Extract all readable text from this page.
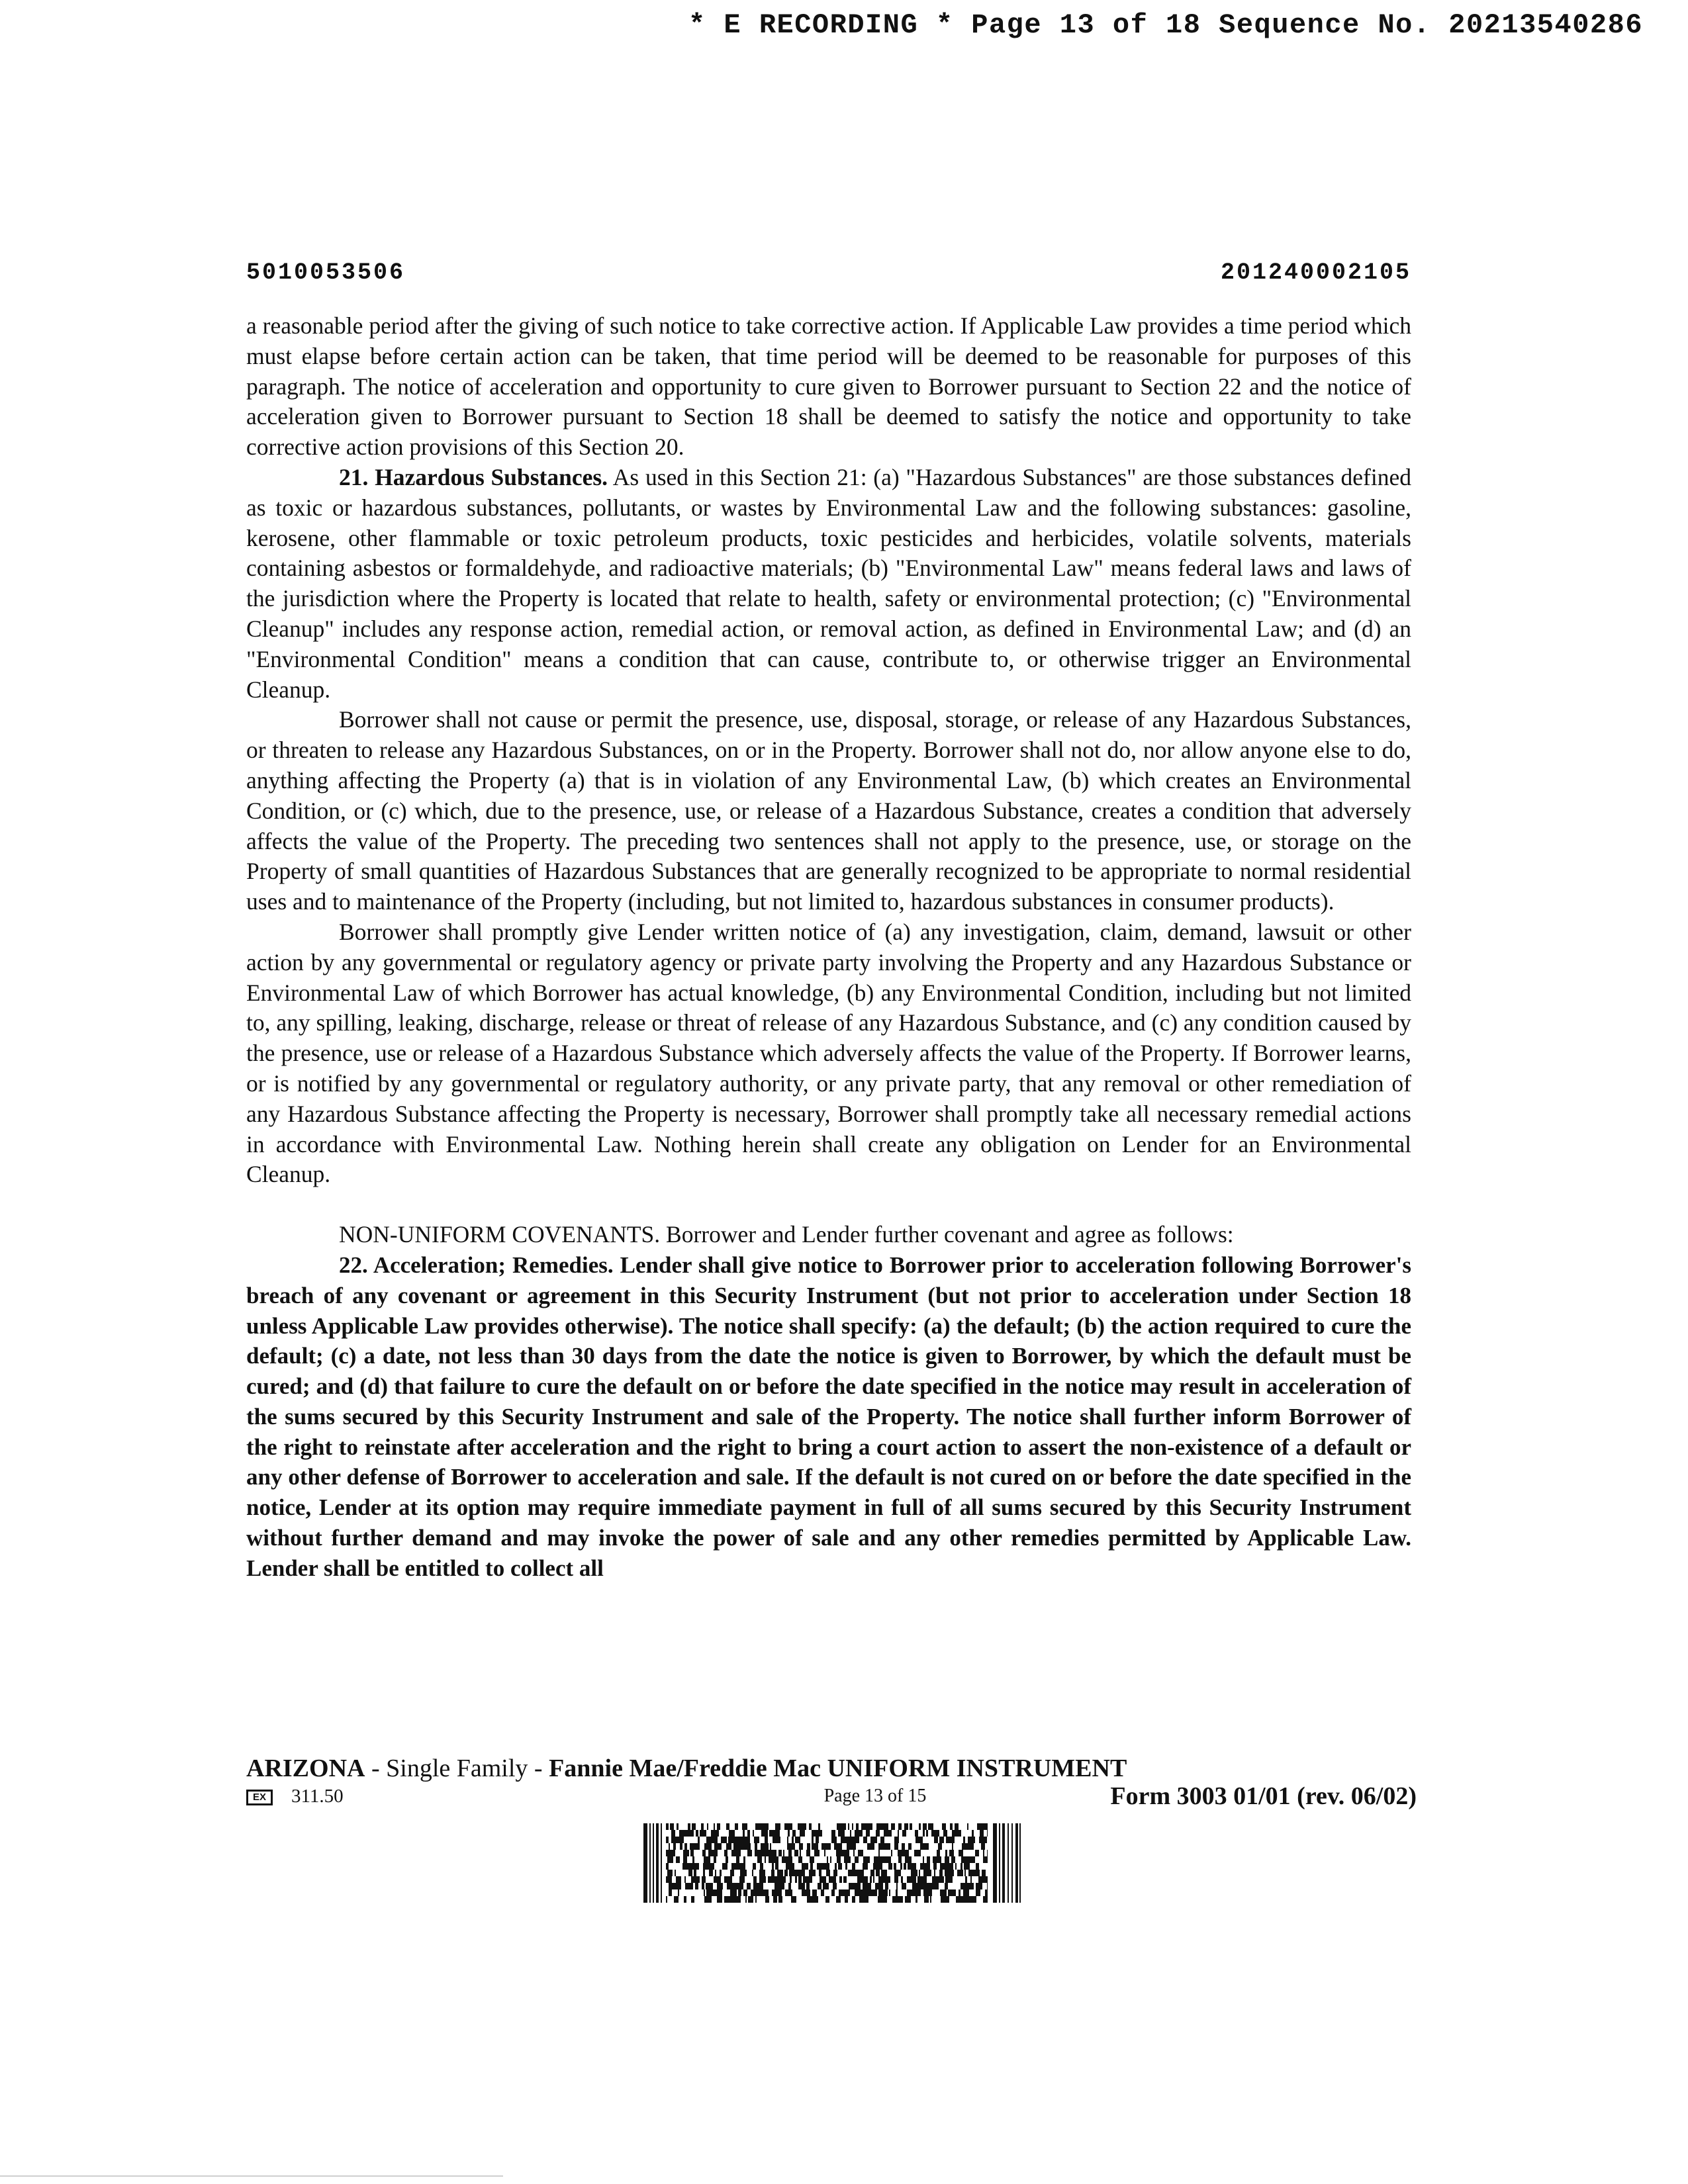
* E RECORDING * Page 13 of 18 Sequence No. 20213540286
5010053506	201240002105

a reasonable period after the giving of such notice to take corrective action. If Applicable Law provides a time period which must elapse before certain action can be taken, that time period will be deemed to be reasonable for purposes of this paragraph. The notice of acceleration and opportunity to cure given to Borrower pursuant to Section 22 and the notice of acceleration given to Borrower pursuant to Section 18 shall be deemed to satisfy the notice and opportunity to take corrective action provisions of this Section 20.

21. Hazardous Substances. As used in this Section 21: (a) "Hazardous Substances" are those substances defined as toxic or hazardous substances, pollutants, or wastes by Environmental Law and the following substances: gasoline, kerosene, other flammable or toxic petroleum products, toxic pesticides and herbicides, volatile solvents, materials containing asbestos or formaldehyde, and radioactive materials; (b) "Environmental Law" means federal laws and laws of the jurisdiction where the Property is located that relate to health, safety or environmental protection; (c) "Environmental Cleanup" includes any response action, remedial action, or removal action, as defined in Environmental Law; and (d) an "Environmental Condition" means a condition that can cause, contribute to, or otherwise trigger an Environmental Cleanup.

Borrower shall not cause or permit the presence, use, disposal, storage, or release of any Hazardous Substances, or threaten to release any Hazardous Substances, on or in the Property. Borrower shall not do, nor allow anyone else to do, anything affecting the Property (a) that is in violation of any Environmental Law, (b) which creates an Environmental Condition, or (c) which, due to the presence, use, or release of a Hazardous Substance, creates a condition that adversely affects the value of the Property. The preceding two sentences shall not apply to the presence, use, or storage on the Property of small quantities of Hazardous Substances that are generally recognized to be appropriate to normal residential uses and to maintenance of the Property (including, but not limited to, hazardous substances in consumer products).

Borrower shall promptly give Lender written notice of (a) any investigation, claim, demand, lawsuit or other action by any governmental or regulatory agency or private party involving the Property and any Hazardous Substance or Environmental Law of which Borrower has actual knowledge, (b) any Environmental Condition, including but not limited to, any spilling, leaking, discharge, release or threat of release of any Hazardous Substance, and (c) any condition caused by the presence, use or release of a Hazardous Substance which adversely affects the value of the Property. If Borrower learns, or is notified by any governmental or regulatory authority, or any private party, that any removal or other remediation of any Hazardous Substance affecting the Property is necessary, Borrower shall promptly take all necessary remedial actions in accordance with Environmental Law. Nothing herein shall create any obligation on Lender for an Environmental Cleanup.

NON-UNIFORM COVENANTS. Borrower and Lender further covenant and agree as follows:

22. Acceleration; Remedies. Lender shall give notice to Borrower prior to acceleration following Borrower's breach of any covenant or agreement in this Security Instrument (but not prior to acceleration under Section 18 unless Applicable Law provides otherwise). The notice shall specify: (a) the default; (b) the action required to cure the default; (c) a date, not less than 30 days from the date the notice is given to Borrower, by which the default must be cured; and (d) that failure to cure the default on or before the date specified in the notice may result in acceleration of the sums secured by this Security Instrument and sale of the Property. The notice shall further inform Borrower of the right to reinstate after acceleration and the right to bring a court action to assert the non-existence of a default or any other defense of Borrower to acceleration and sale. If the default is not cured on or before the date specified in the notice, Lender at its option may require immediate payment in full of all sums secured by this Security Instrument without further demand and may invoke the power of sale and any other remedies permitted by Applicable Law. Lender shall be entitled to collect all

ARIZONA - Single Family - Fannie Mae/Freddie Mac UNIFORM INSTRUMENT
EX	311.50	Page 13 of 15	Form 3003 01/01 (rev. 06/02)
